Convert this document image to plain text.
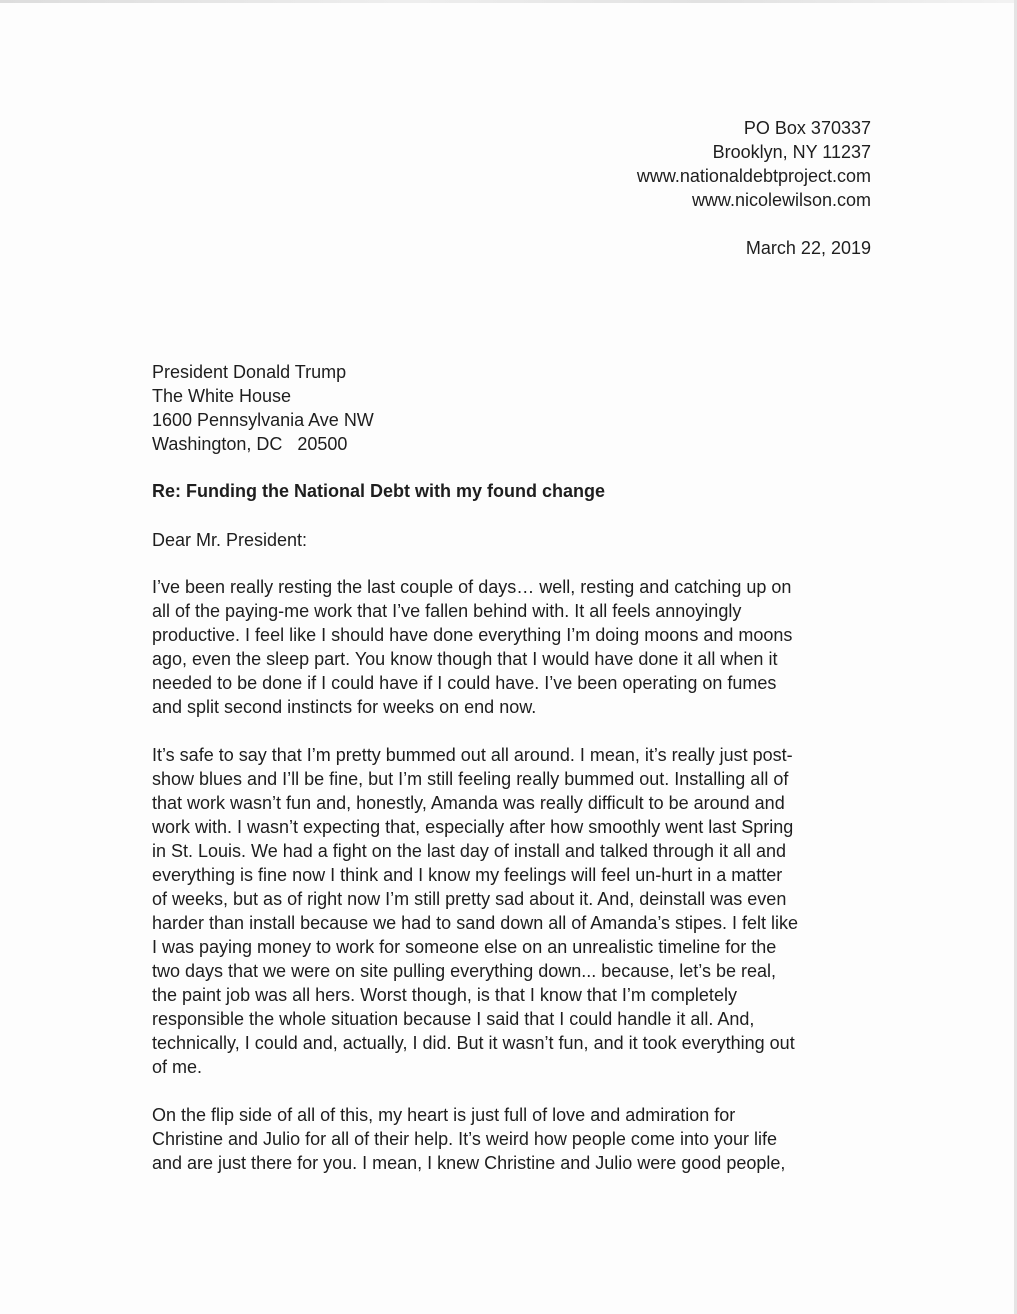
PO Box 370337
Brooklyn, NY 11237
www.nationaldebtproject.com
www.nicolewilson.com
March 22, 2019
President Donald Trump
The White House
1600 Pennsylvania Ave NW
Washington, DC   20500
Re: Funding the National Debt with my found change
Dear Mr. President:

I’ve been really resting the last couple of days… well, resting and catching up on
all of the paying-me work that I’ve fallen behind with. It all feels annoyingly
productive. I feel like I should have done everything I’m doing moons and moons
ago, even the sleep part. You know though that I would have done it all when it
needed to be done if I could have if I could have. I’ve been operating on fumes
and split second instincts for weeks on end now.

It’s safe to say that I’m pretty bummed out all around. I mean, it’s really just post-
show blues and I’ll be fine, but I’m still feeling really bummed out. Installing all of
that work wasn’t fun and, honestly, Amanda was really difficult to be around and
work with. I wasn’t expecting that, especially after how smoothly went last Spring
in St. Louis. We had a fight on the last day of install and talked through it all and
everything is fine now I think and I know my feelings will feel un-hurt in a matter
of weeks, but as of right now I’m still pretty sad about it. And, deinstall was even
harder than install because we had to sand down all of Amanda’s stipes. I felt like
I was paying money to work for someone else on an unrealistic timeline for the
two days that we were on site pulling everything down... because, let’s be real,
the paint job was all hers. Worst though, is that I know that I’m completely
responsible the whole situation because I said that I could handle it all. And,
technically, I could and, actually, I did. But it wasn’t fun, and it took everything out
of me.

On the flip side of all of this, my heart is just full of love and admiration for
Christine and Julio for all of their help. It’s weird how people come into your life
and are just there for you. I mean, I knew Christine and Julio were good people,
